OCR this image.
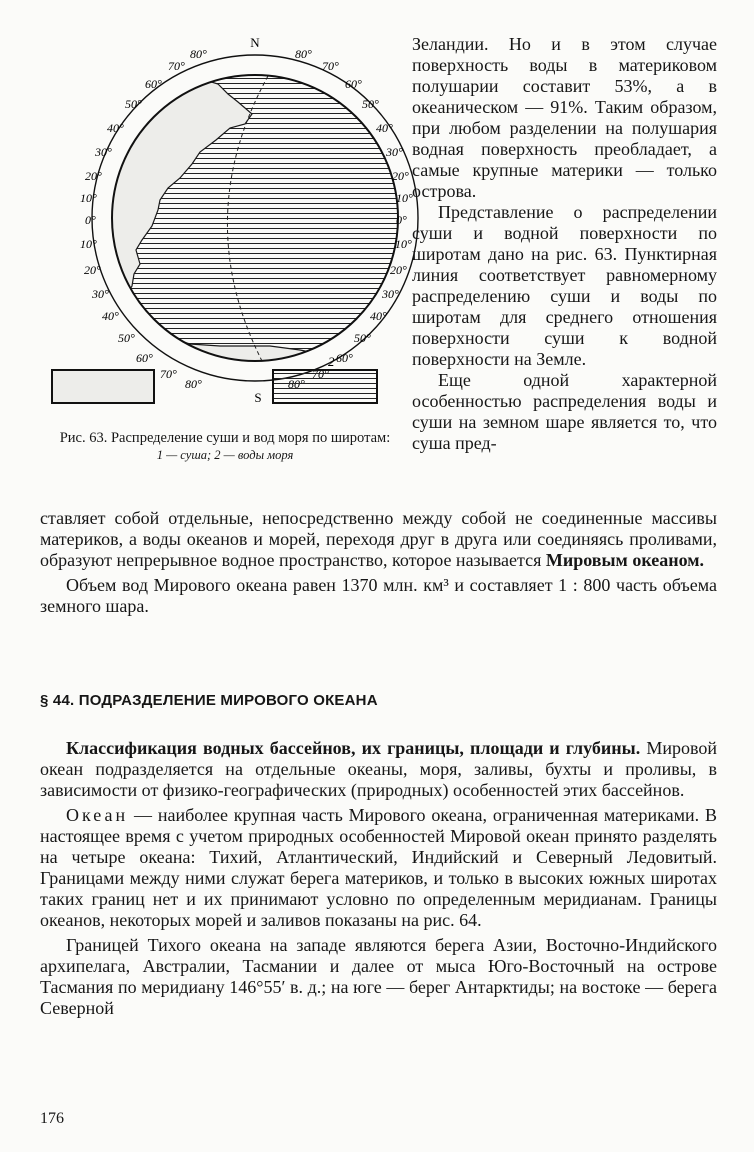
N
S
80°
70°
60°
50°
40°
30°
20°
10°
0°
10°
20°
30°
40°
50°
60°
70°
80°
80°
70°
60°
50°
40°
30°
20°
10°
0°
10°
20°
30°
40°
50°
60°
2
Рис. 63. Распределение суши и вод моря по широтам:
1 — суша; 2 — воды моря

Зеландии. Но и в этом случае поверхность воды в материковом полушарии составит 53%, а в океаническом — 91%. Таким образом, при любом разделении на полушария водная поверхность преобладает, а самые крупные материки — только острова.

Представление о распределении суши и водной поверхности по широтам дано на рис. 63. Пунктирная линия соответствует равномерному распределению суши и воды по широтам для среднего отношения поверхности суши к водной поверхности на Земле.

Еще одной характерной особенностью распределения воды и суши на земном шаре является то, что суша пред-

ставляет собой отдельные, непосредственно между собой не соединенные массивы материков, а воды океанов и морей, переходя друг в друга или соединяясь проливами, образуют непрерывное водное пространство, которое называется Мировым океаном.

Объем вод Мирового океана равен 1370 млн. км³ и составляет 1 : 800 часть объема земного шара.

§ 44. ПОДРАЗДЕЛЕНИЕ МИРОВОГО ОКЕАНА

Классификация водных бассейнов, их границы, площади и глубины. Мировой океан подразделяется на отдельные океаны, моря, заливы, бухты и проливы, в зависимости от физико-географических (природных) особенностей этих бассейнов.

Океан — наиболее крупная часть Мирового океана, ограниченная материками. В настоящее время с учетом природных особенностей Мировой океан принято разделять на четыре океана: Тихий, Атлантический, Индийский и Северный Ледовитый. Границами между ними служат берега материков, и только в высоких южных широтах таких границ нет и их принимают условно по определенным меридианам. Границы океанов, некоторых морей и заливов показаны на рис. 64.

Границей Тихого океана на западе являются берега Азии, Восточно-Индийского архипелага, Австралии, Тасмании и далее от мыса Юго-Восточный на острове Тасмания по меридиану 146°55′ в. д.; на юге — берег Антарктиды; на востоке — берега Северной

176
